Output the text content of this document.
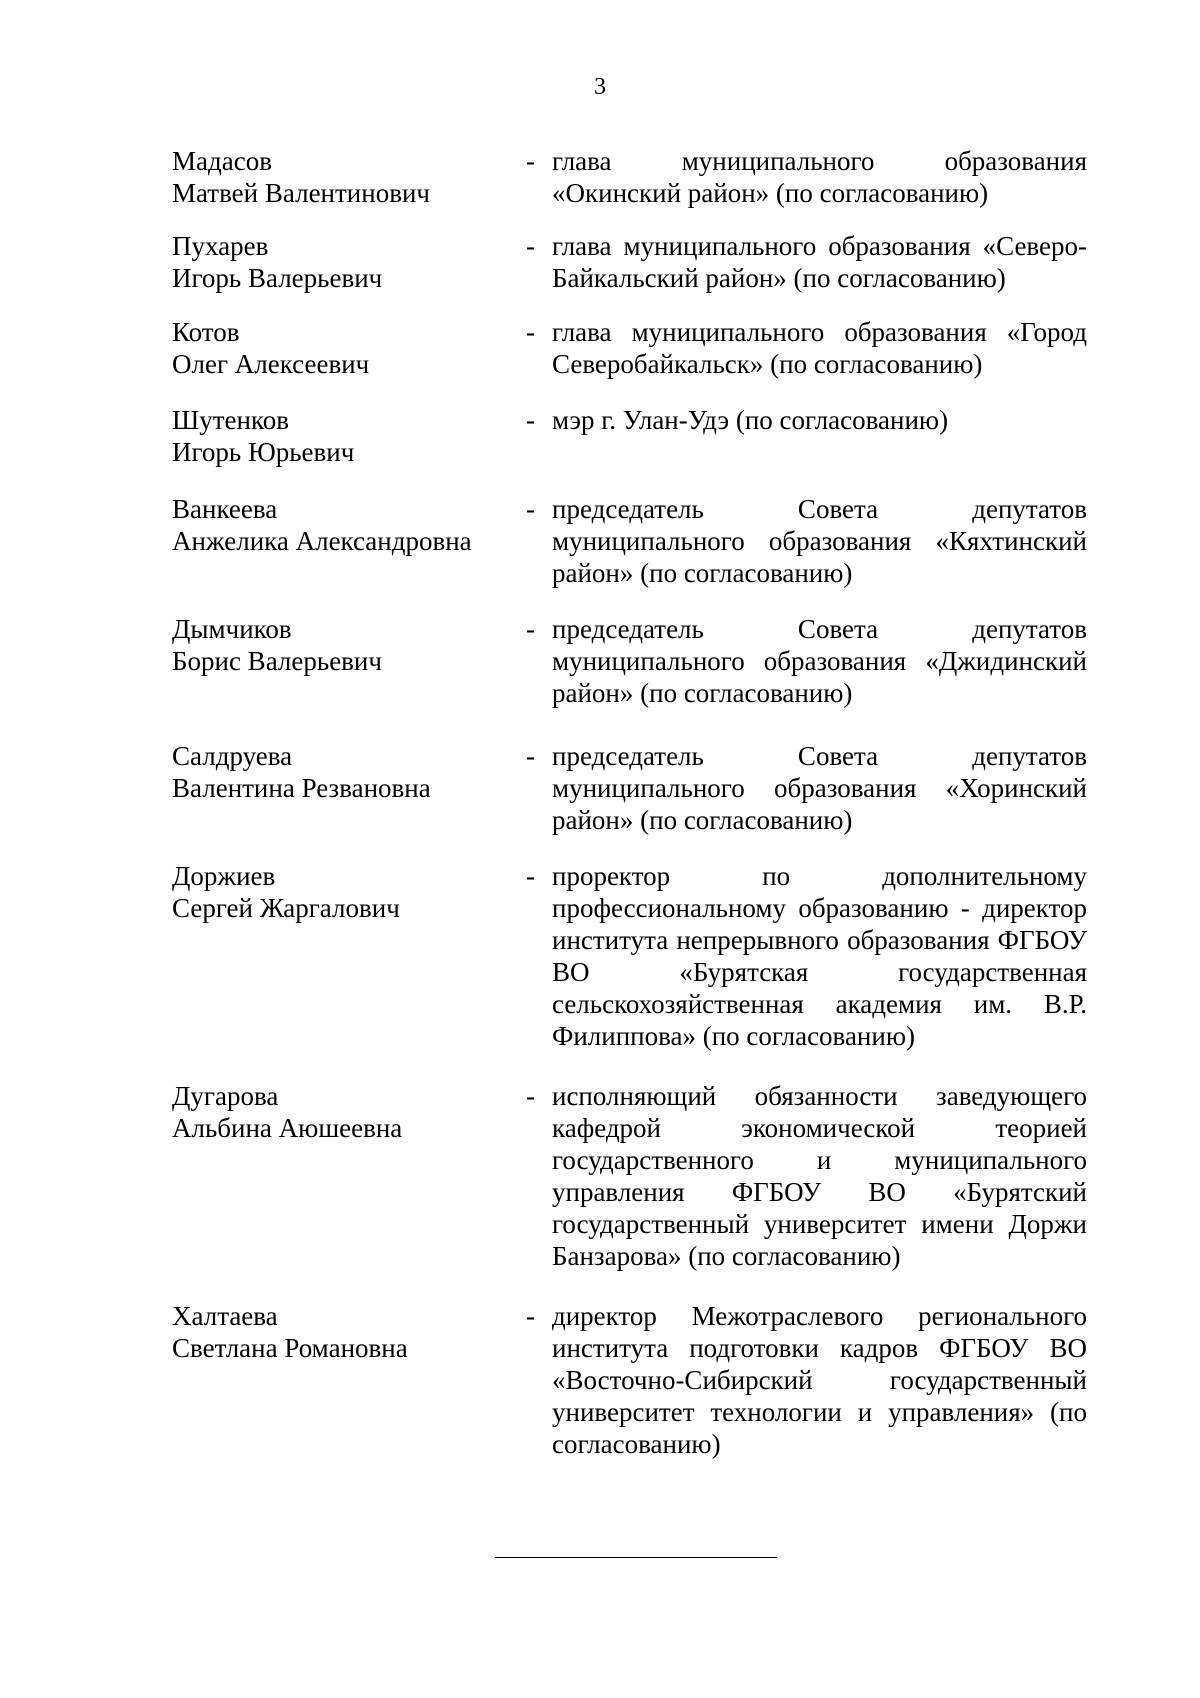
3
Мадасов
Матвей Валентинович
- глава муниципального образования «Окинский район» (по согласованию)
Пухарев
Игорь Валерьевич
- глава муниципального образования «Северо-Байкальский район» (по согласованию)
Котов
Олег Алексеевич
- глава муниципального образования «Город Северобайкальск» (по согласованию)
Шутенков
Игорь Юрьевич
- мэр г. Улан-Удэ (по согласованию)
Ванкеева
Анжелика Александровна
- председатель Совета депутатов муниципального образования «Кяхтинский район» (по согласованию)
Дымчиков
Борис Валерьевич
- председатель Совета депутатов муниципального образования «Джидинский район» (по согласованию)
Салдруева
Валентина Резвановна
- председатель Совета депутатов муниципального образования «Хоринский район» (по согласованию)
Доржиев
Сергей Жаргалович
- проректор по дополнительному профессиональному образованию - директор института непрерывного образования ФГБОУ ВО «Бурятская государственная сельскохозяйственная академия им. В.Р. Филиппова» (по согласованию)
Дугарова
Альбина Аюшеевна
- исполняющий обязанности заведующего кафедрой экономической теорией государственного и муниципального управления ФГБОУ ВО «Бурятский государственный университет имени Доржи Банзарова» (по согласованию)
Халтаева
Светлана Романовна
- директор Межотраслевого регионального института подготовки кадров ФГБОУ ВО «Восточно-Сибирский государственный университет технологии и управления» (по согласованию)
